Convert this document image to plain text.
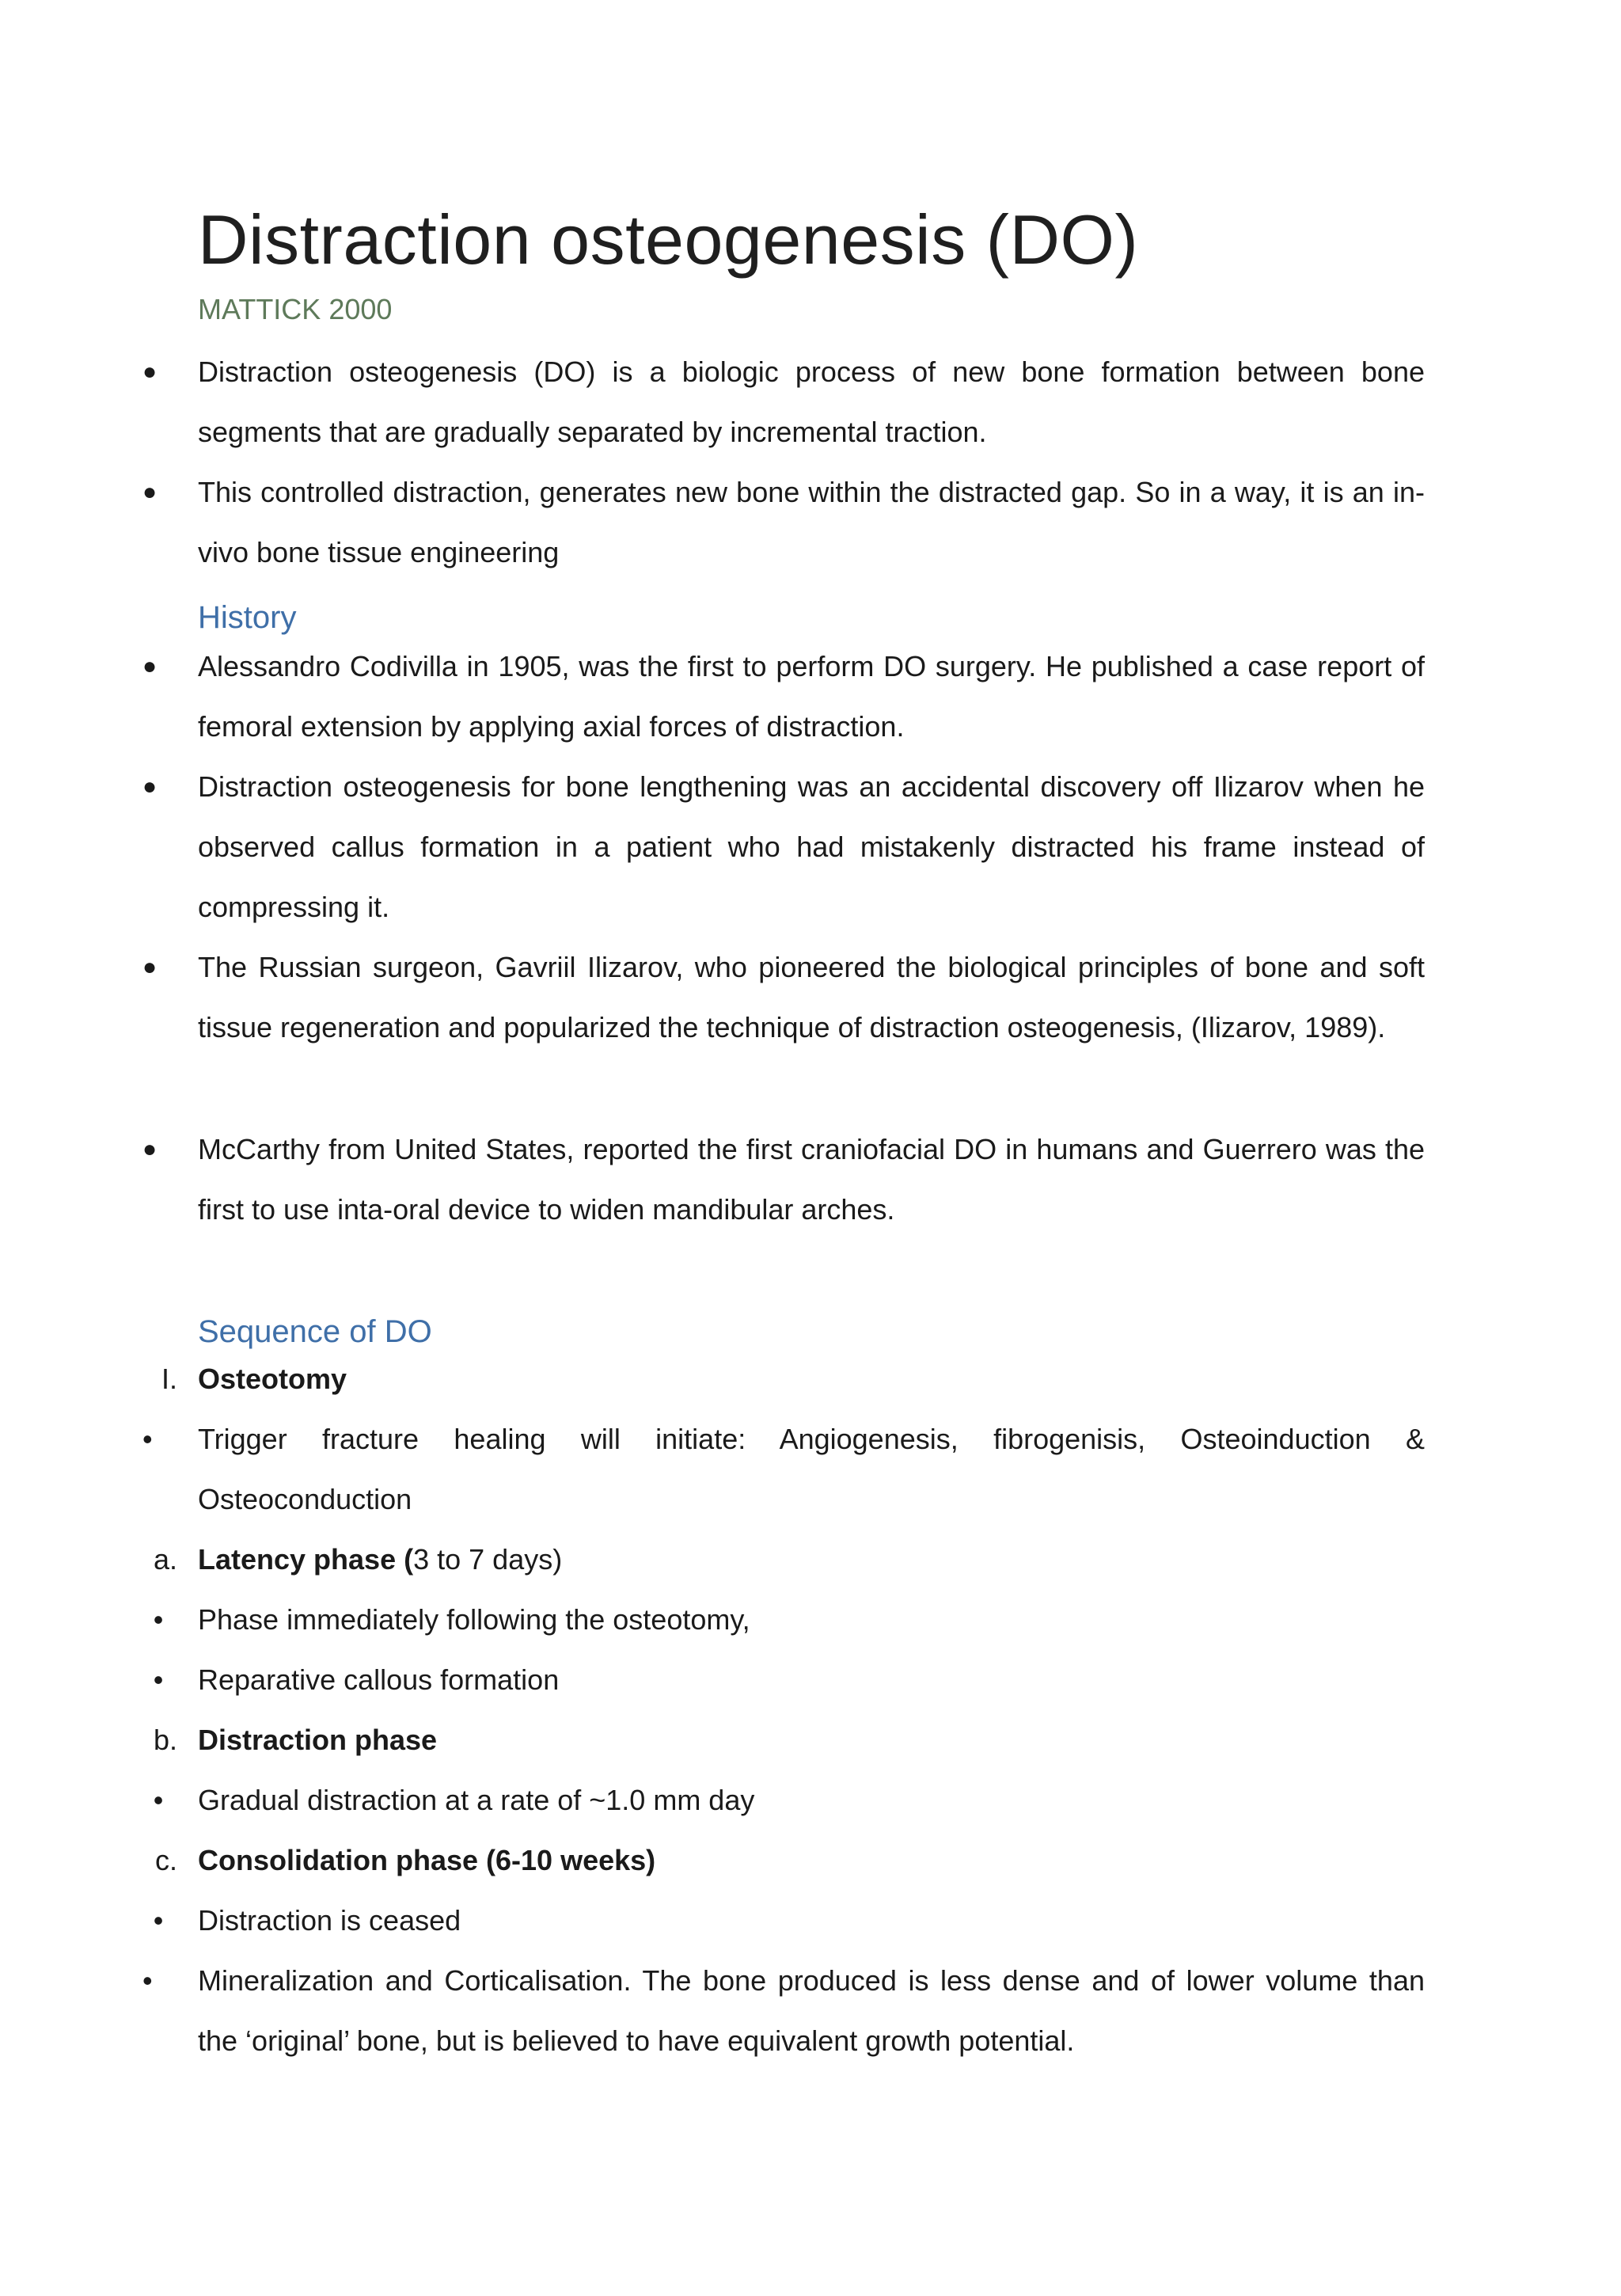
Distraction osteogenesis (DO)
MATTICK 2000
●	Distraction osteogenesis (DO) is a biologic process of new bone formation between bone segments that are gradually separated by incremental traction.
●	This controlled distraction, generates new bone within the distracted gap. So in a way, it is an in-vivo bone tissue engineering
History
●	Alessandro Codivilla in 1905, was the first to perform DO surgery. He published a case report of femoral extension by applying axial forces of distraction.
●	Distraction osteogenesis for bone lengthening was an accidental discovery off Ilizarov when he observed callus formation in a patient who had mistakenly distracted his frame instead of compressing it.
●	The Russian surgeon, Gavriil Ilizarov, who pioneered the biological principles of bone and soft tissue regeneration and popularized the technique of distraction osteogenesis, (Ilizarov, 1989).
●	McCarthy from United States, reported the first craniofacial DO in humans and Guerrero was the first to use inta-oral device to widen mandibular arches.
Sequence of DO
I. Osteotomy
•	Trigger fracture healing will initiate: Angiogenesis, fibrogenisis, Osteoinduction & Osteoconduction
a. Latency phase (3 to 7 days)
•	Phase immediately following the osteotomy,
•	Reparative callous formation
b. Distraction phase
•	Gradual distraction at a rate of ~1.0 mm day
c. Consolidation phase (6-10 weeks)
•	Distraction is ceased
•	Mineralization and Corticalisation. The bone produced is less dense and of lower volume than the ‘original’ bone, but is believed to have equivalent growth potential.
